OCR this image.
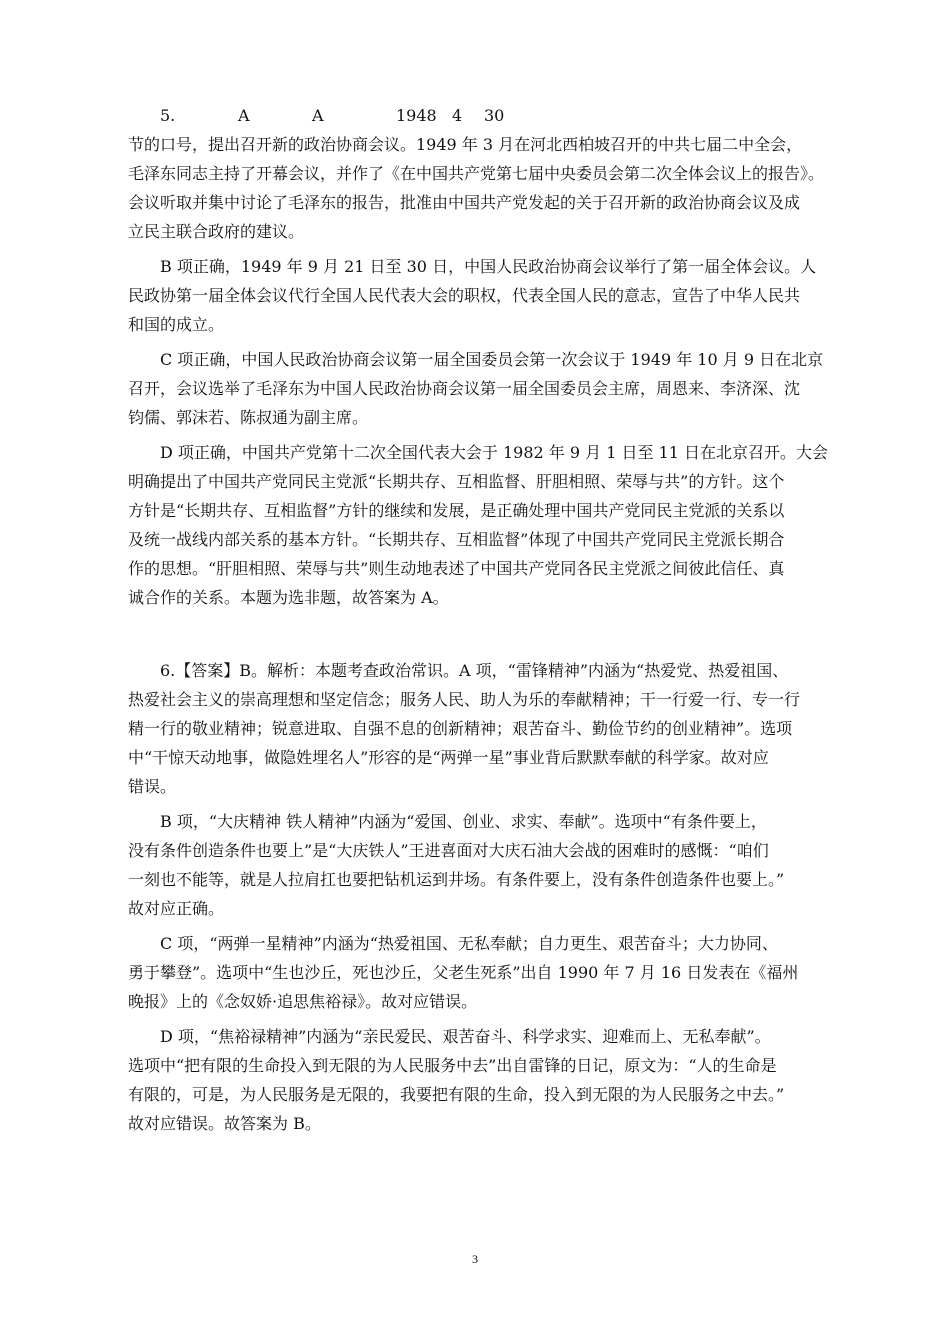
5.	A	A	1948 4 30
节的口号，提出召开新的政治协商会议。1949 年 3 月在河北西柏坡召开的中共七届二中全会，
毛泽东同志主持了开幕会议，并作了《在中国共产党第七届中央委员会第二次全体会议上的报告》。
会议听取并集中讨论了毛泽东的报告，批准由中国共产党发起的关于召开新的政治协商会议及成
立民主联合政府的建议。
B 项正确，1949 年 9 月 21 日至 30 日，中国人民政治协商会议举行了第一届全体会议。人
民政协第一届全体会议代行全国人民代表大会的职权，代表全国人民的意志，宣告了中华人民共
和国的成立。
C 项正确，中国人民政治协商会议第一届全国委员会第一次会议于 1949 年 10 月 9 日在北京
召开，会议选举了毛泽东为中国人民政治协商会议第一届全国委员会主席，周恩来、李济深、沈
钧儒、郭沫若、陈叔通为副主席。
D 项正确，中国共产党第十二次全国代表大会于 1982 年 9 月 1 日至 11 日在北京召开。大会
明确提出了中国共产党同民主党派“长期共存、互相监督、肝胆相照、荣辱与共”的方针。这个
方针是“长期共存、互相监督”方针的继续和发展，是正确处理中国共产党同民主党派的关系以
及统一战线内部关系的基本方针。“长期共存、互相监督”体现了中国共产党同民主党派长期合
作的思想。“肝胆相照、荣辱与共”则生动地表述了中国共产党同各民主党派之间彼此信任、真
诚合作的关系。本题为选非题，故答案为 A。
6.【答案】B。解析：本题考查政治常识。A 项，“雷锋精神”内涵为“热爱党、热爱祖国、
热爱社会主义的崇高理想和坚定信念；服务人民、助人为乐的奉献精神；干一行爱一行、专一行
精一行的敬业精神；锐意进取、自强不息的创新精神；艰苦奋斗、勤俭节约的创业精神”。选项
中“干惊天动地事，做隐姓埋名人”形容的是“两弹一星”事业背后默默奉献的科学家。故对应
错误。
B 项，“大庆精神 铁人精神”内涵为“爱国、创业、求实、奉献”。选项中“有条件要上，
没有条件创造条件也要上”是“大庆铁人”王进喜面对大庆石油大会战的困难时的感慨：“咱们
一刻也不能等，就是人拉肩扛也要把钻机运到井场。有条件要上，没有条件创造条件也要上。”
故对应正确。
C 项，“两弹一星精神”内涵为“热爱祖国、无私奉献；自力更生、艰苦奋斗；大力协同、
勇于攀登”。选项中“生也沙丘，死也沙丘，父老生死系”出自 1990 年 7 月 16 日发表在《福州
晚报》上的《念奴娇·追思焦裕禄》。故对应错误。
D 项，“焦裕禄精神”内涵为“亲民爱民、艰苦奋斗、科学求实、迎难而上、无私奉献”。
选项中“把有限的生命投入到无限的为人民服务中去”出自雷锋的日记，原文为：“人的生命是
有限的，可是，为人民服务是无限的，我要把有限的生命，投入到无限的为人民服务之中去。”
故对应错误。故答案为 B。
3
